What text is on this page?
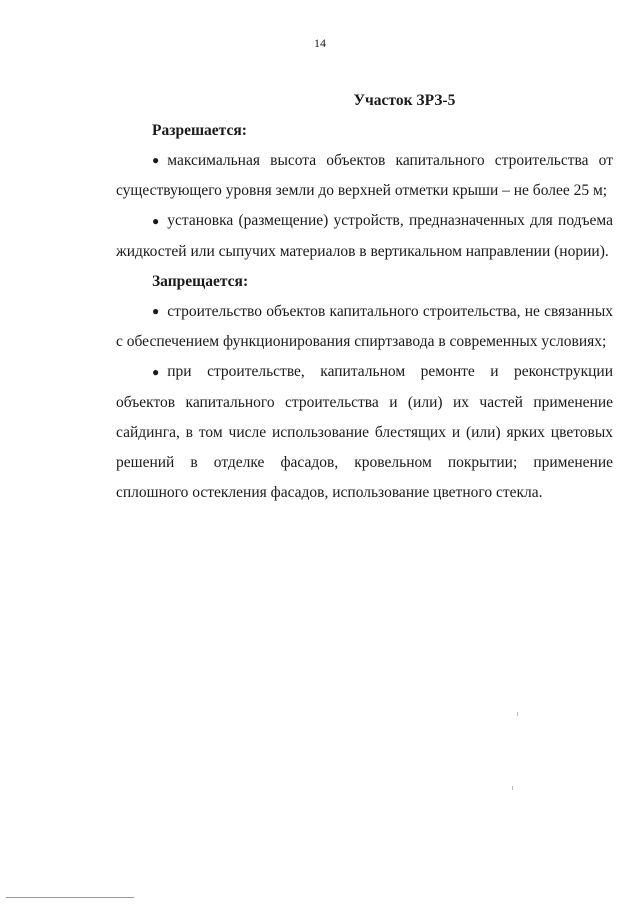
14

Участок ЗРЗ-5

Разрешается:

● максимальная высота объектов капитального строительства от существующего уровня земли до верхней отметки крыши – не более 25 м;

● установка (размещение) устройств, предназначенных для подъема жидкостей или сыпучих материалов в вертикальном направлении (нории).

Запрещается:

● строительство объектов капитального строительства, не связанных с обеспечением функционирования спиртзавода в современных условиях;

● при строительстве, капитальном ремонте и реконструкции объектов капитального строительства и (или) их частей применение сайдинга, в том числе использование блестящих и (или) ярких цветовых решений в отделке фасадов, кровельном покрытии; применение сплошного остекления фасадов, использование цветного стекла.
